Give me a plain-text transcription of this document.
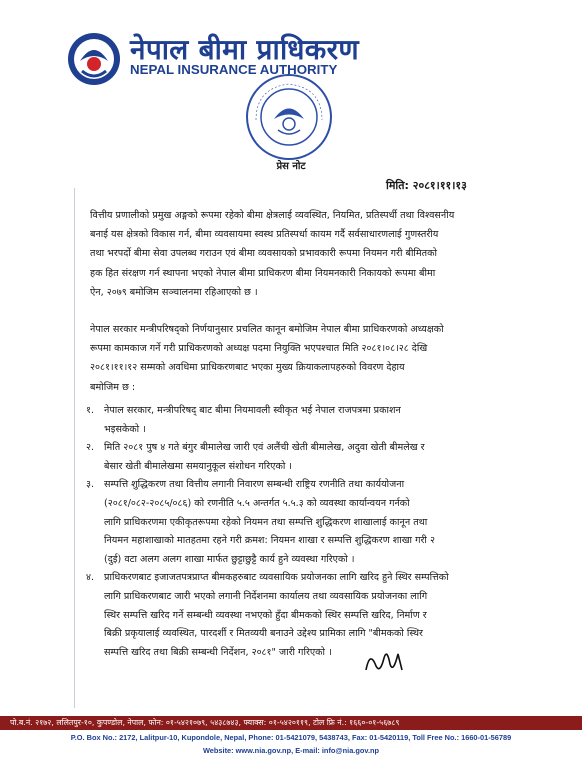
नेपाल बीमा प्राधिकरण
NEPAL INSURANCE AUTHORITY
प्रेस नोट
मिति: २०८१।११।१३
वित्तीय प्रणालीको प्रमुख अङ्गको रूपमा रहेको बीमा क्षेत्रलाई व्यवस्थित, नियमित, प्रतिस्पर्धी तथा विश्वसनीय
बनाई यस क्षेत्रको विकास गर्न, बीमा व्यवसायमा स्वस्थ प्रतिस्पर्धा कायम गर्दै सर्वसाधारणलाई गुणस्तरीय
तथा भरपर्दो बीमा सेवा उपलब्ध गराउन एवं बीमा व्यवसायको प्रभावकारी रूपमा नियमन गरी बीमितको
हक हित संरक्षण गर्न स्थापना भएको नेपाल बीमा प्राधिकरण बीमा नियमनकारी निकायको रूपमा बीमा
ऐन, २०७९ बमोजिम सञ्चालनमा रहिआएको छ ।
नेपाल सरकार मन्त्रीपरिषद्को निर्णयानुसार प्रचलित कानून बमोजिम नेपाल बीमा प्राधिकरणको अध्यक्षको
रूपमा कामकाज गर्ने गरी प्राधिकरणको अध्यक्ष पदमा नियुक्ति भएपश्चात मिति २०८१।०८।२८ देखि
२०८१।११।१२ सम्मको अवधिमा प्राधिकरणबाट भएका मुख्य क्रियाकलापहरुको विवरण देहाय
बमोजिम छ :
१. नेपाल सरकार, मन्त्रीपरिषद् बाट बीमा नियमावली स्वीकृत भई नेपाल राजपत्रमा प्रकाशन
भइसकेको ।
२. मिति २०८१ पुष ४ गते बंगुर बीमालेख जारी एवं अलैंची खेती बीमालेख, अदुवा खेती बीमलेख र
बेसार खेती बीमालेखमा समयानुकूल संशोधन गरिएको ।
३. सम्पत्ति शुद्धिकरण तथा वित्तीय लगानी निवारण सम्बन्धी राष्ट्रिय रणनीति तथा कार्ययोजना
(२०८१/०८२-२०८५/०८६) को रणनीति ५.५ अन्तर्गत ५.५.३ को व्यवस्था कार्यान्वयन गर्नको
लागि प्राधिकरणमा एकीकृतरूपमा रहेको नियमन तथा सम्पत्ति शुद्धिकरण शाखालाई कानून तथा
नियमन महाशाखाको मातहतमा रहने गरी क्रमश: नियमन शाखा र सम्पत्ति शुद्धिकरण शाखा गरी २
(दुई) वटा अलग अलग शाखा मार्फत छुट्टाछुट्टै कार्य हुने व्यवस्था गरिएको ।
४. प्राधिकरणबाट इजाजतपत्रप्राप्त बीमकहरुबाट व्यवसायिक प्रयोजनका लागि खरिद हुने स्थिर सम्पत्तिको
लागि प्राधिकरणबाट जारी भएको लगानी निर्देशनमा कार्यालय तथा व्यवसायिक प्रयोजनका लागि
स्थिर सम्पत्ति खरिद गर्ने सम्बन्धी व्यवस्था नभएको हुँदा बीमकको स्थिर सम्पत्ति खरिद, निर्माण र
बिक्री प्रकृयालाई व्यवस्थित, पारदर्शी र मितव्ययी बनाउने उद्देश्य प्रामिका लागि "बीमकको स्थिर
सम्पत्ति खरिद तथा बिक्री सम्बन्धी निर्देशन, २०८१" जारी गरिएको ।
पो.ब.नं. २१७२, ललितपुर-१०, कुपण्डोल, नेपाल, फोन: ०१-५४२१०७९, ५४३८७४३, फ्याक्स: ०१-५४२०११९, टोल फ्रि नं.: १६६०-०१-५६७८९
P.O. Box No.: 2172, Lalitpur-10, Kupondole, Nepal, Phone: 01-5421079, 5438743, Fax: 01-5420119, Toll Free No.: 1660-01-56789
Website: www.nia.gov.np, E-mail: info@nia.gov.np
